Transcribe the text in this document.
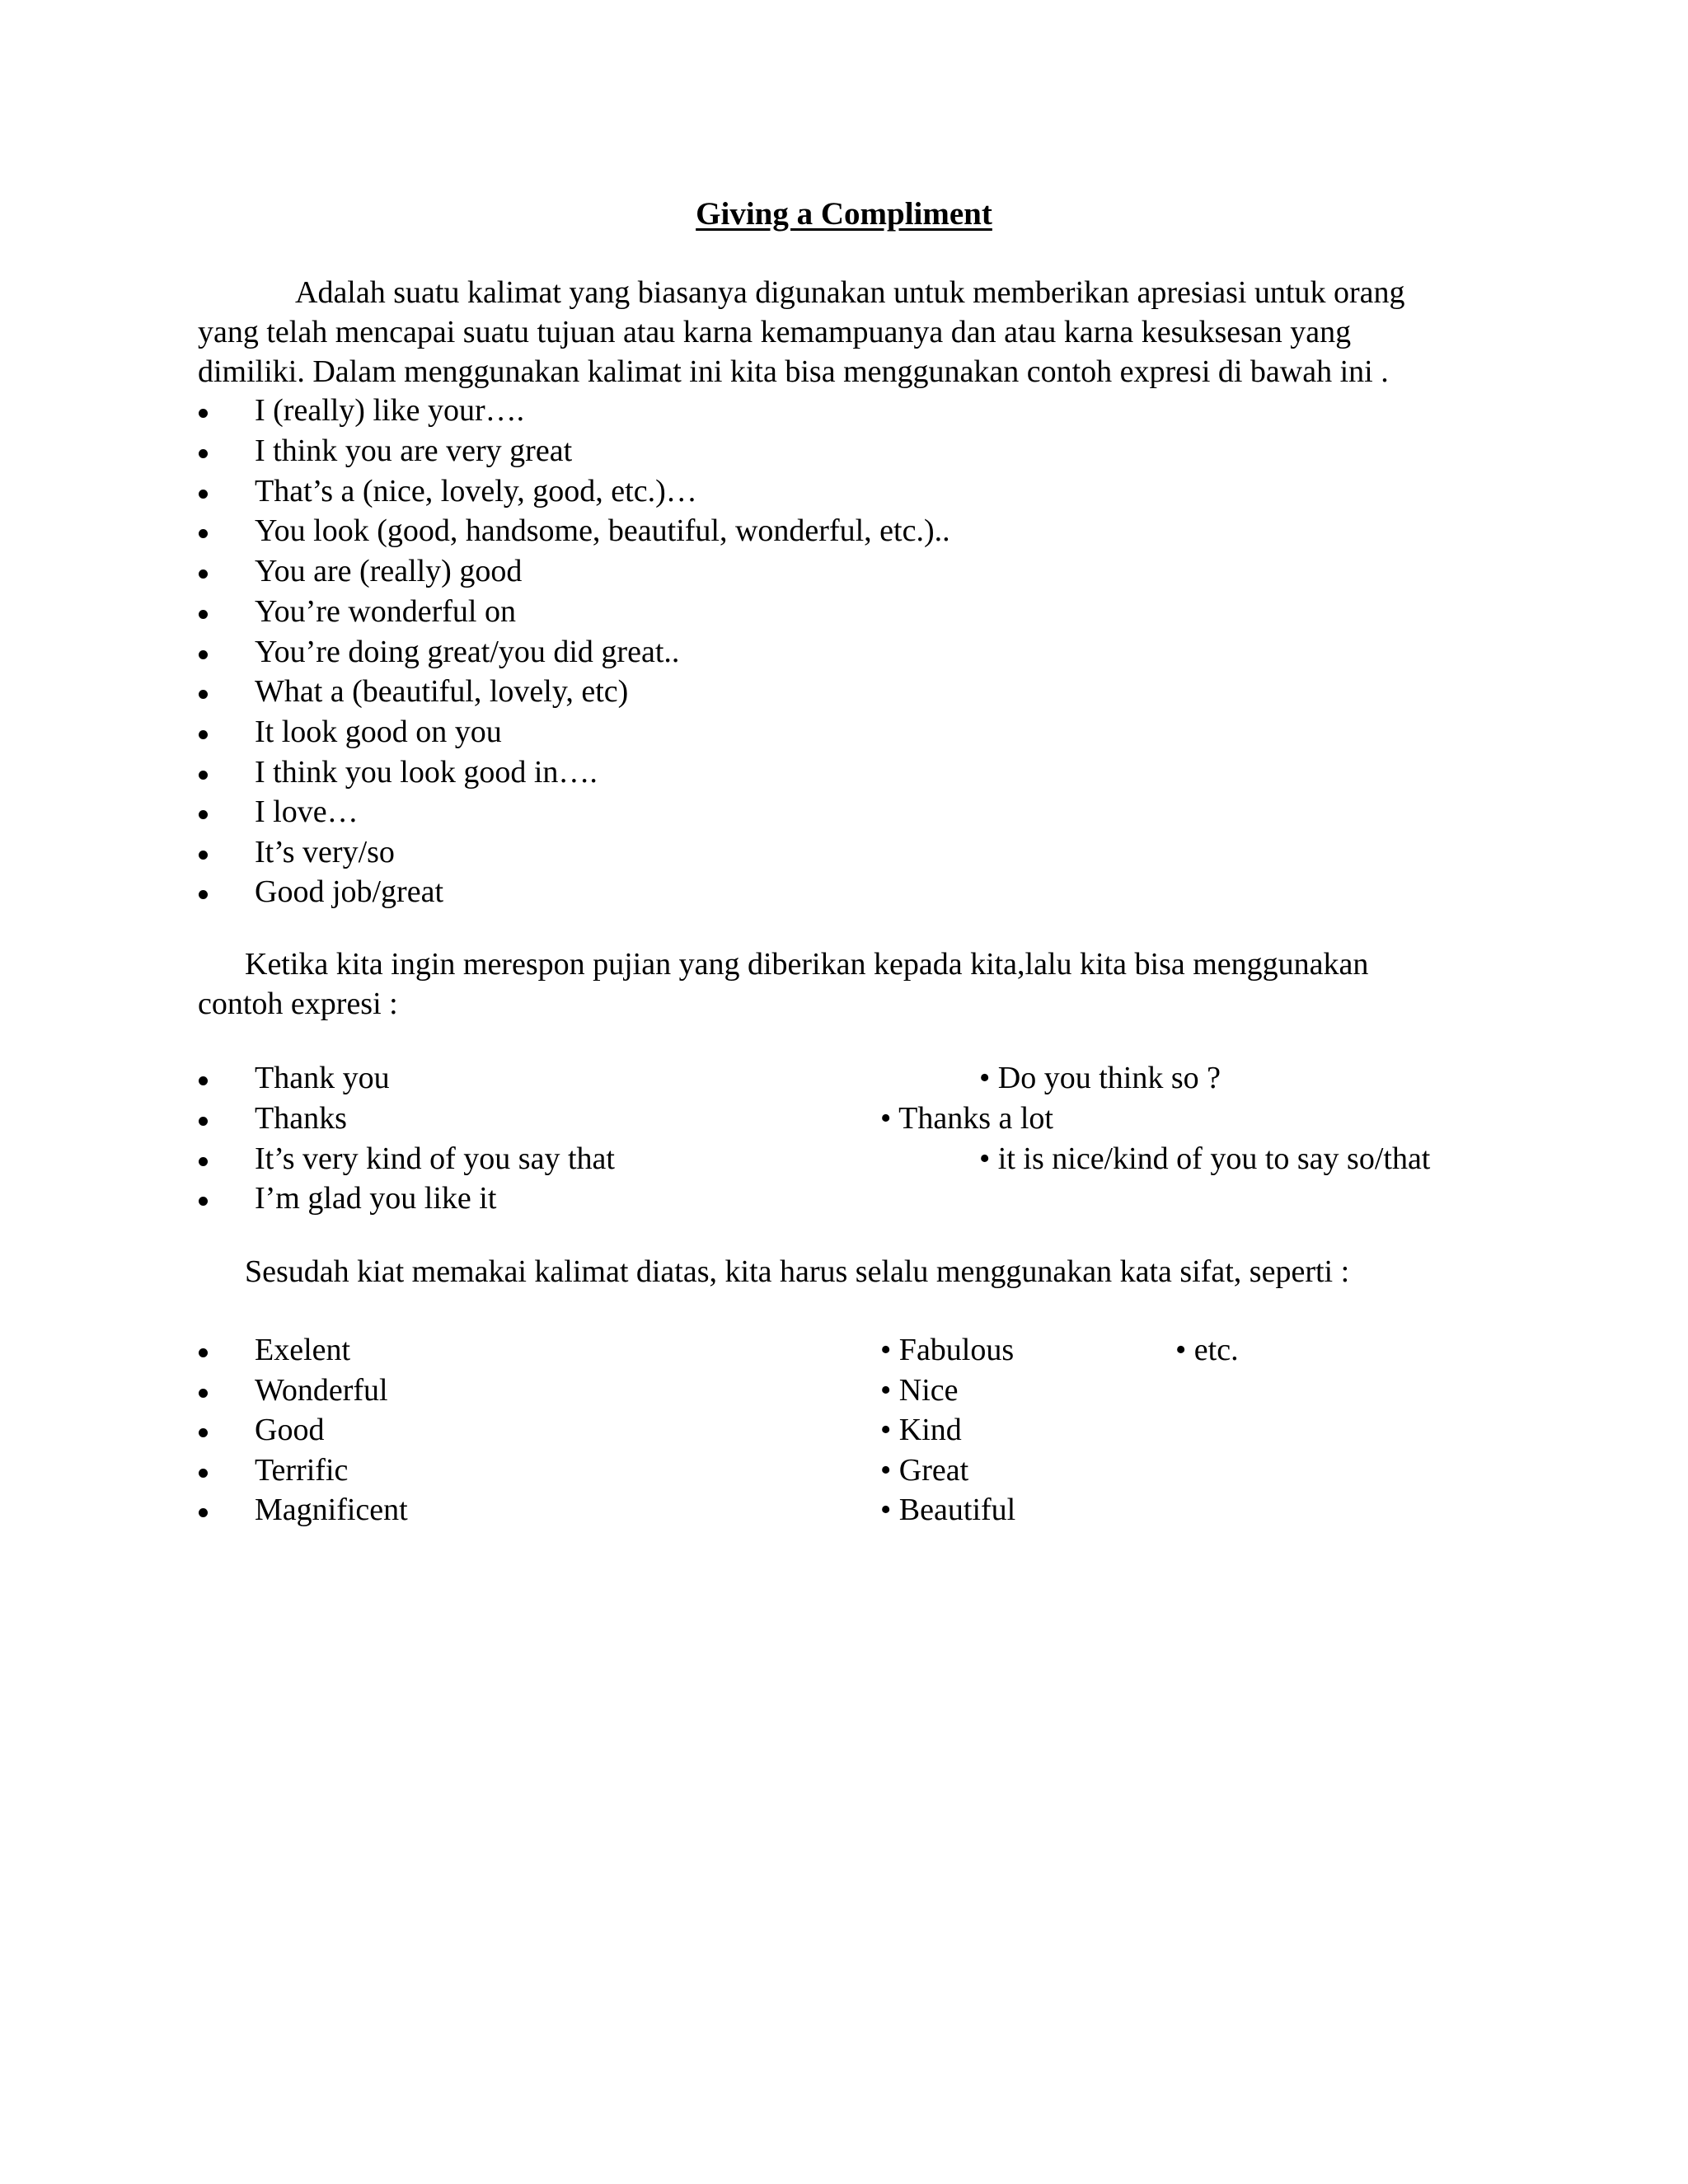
Giving a Compliment
Adalah suatu kalimat yang biasanya digunakan untuk memberikan apresiasi untuk orang
yang telah mencapai suatu tujuan atau karna kemampuanya dan atau karna kesuksesan yang
dimiliki. Dalam menggunakan kalimat ini kita bisa menggunakan contoh expresi di bawah ini .
I (really) like your….
I think you are very great
That’s a (nice, lovely, good, etc.)…
You look (good, handsome, beautiful, wonderful, etc.)..
You are (really) good
You’re wonderful on
You’re doing great/you did great..
What a (beautiful, lovely, etc)
It look good on you
I think you look good in….
I love…
It’s very/so
Good job/great
Ketika kita ingin merespon pujian yang diberikan kepada kita,lalu kita bisa menggunakan
contoh expresi :
Thank you
Thanks
It’s very kind of you say that
I’m glad you like it
• Do you think so ?
• Thanks a lot
• it is nice/kind of you to say so/that
Sesudah kiat memakai kalimat diatas, kita harus selalu menggunakan kata sifat, seperti :
Exelent
Wonderful
Good
Terrific
Magnificent
• Fabulous
• Nice
• Kind
• Great
• Beautiful
• etc.
